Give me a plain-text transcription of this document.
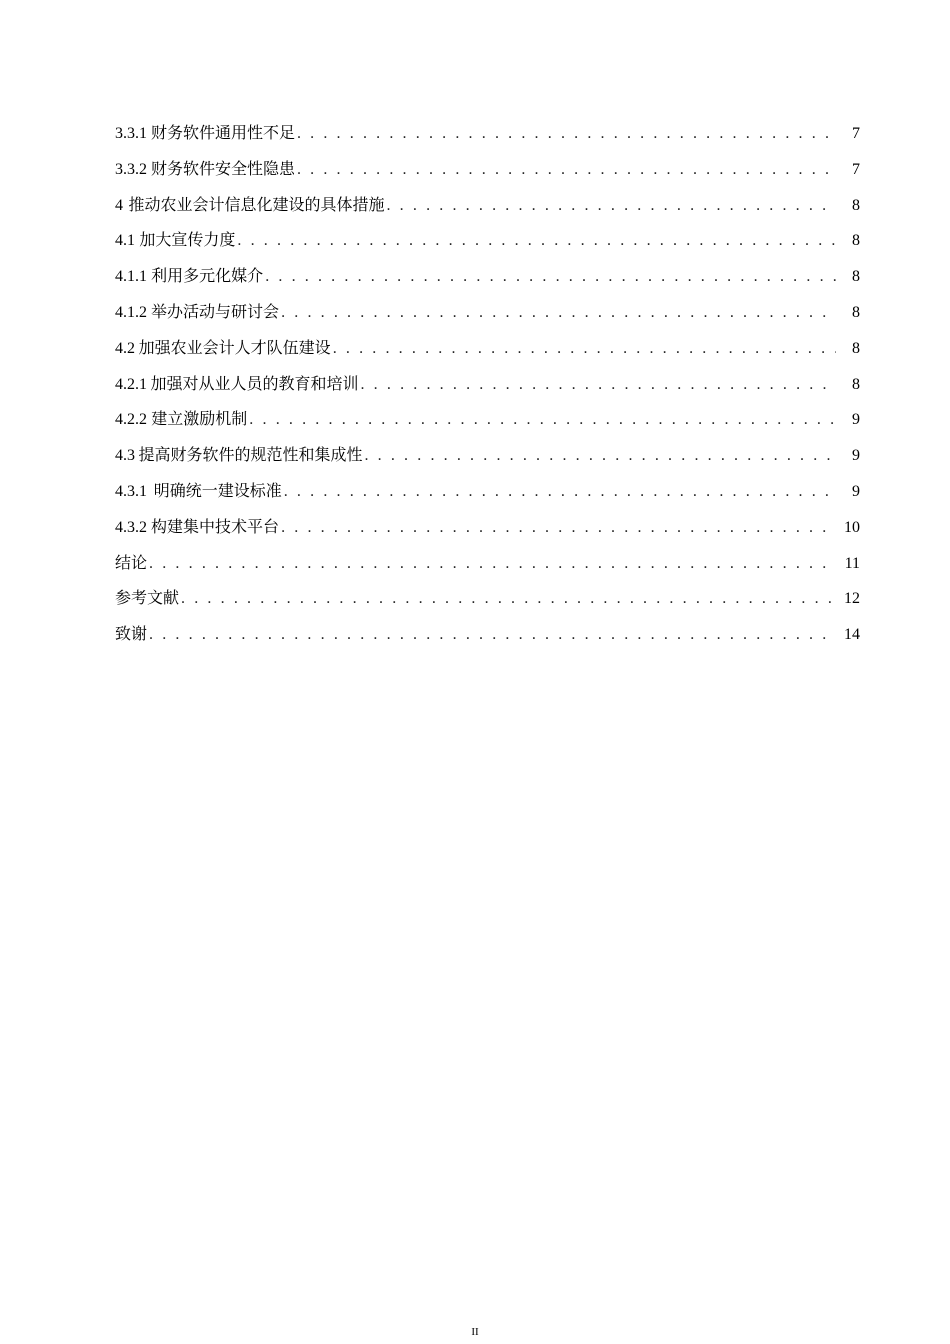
3.3.1 财务软件通用性不足 . . .	7
3.3.2 财务软件安全性隐患 . . .	7
4 推动农业会计信息化建设的具体措施 . . .	8
4.1 加大宣传力度 . . .	8
4.1.1 利用多元化媒介 . . .	8
4.1.2 举办活动与研讨会 . . .	8
4.2 加强农业会计人才队伍建设 . . .	8
4.2.1 加强对从业人员的教育和培训 . . .	8
4.2.2 建立激励机制 . . .	9
4.3 提高财务软件的规范性和集成性 . . .	9
4.3.1 明确统一建设标准 . . .	9
4.3.2 构建集中技术平台 . . .	10
结论 . . .	11
参考文献 . . .	12
致谢 . . .	14
II
